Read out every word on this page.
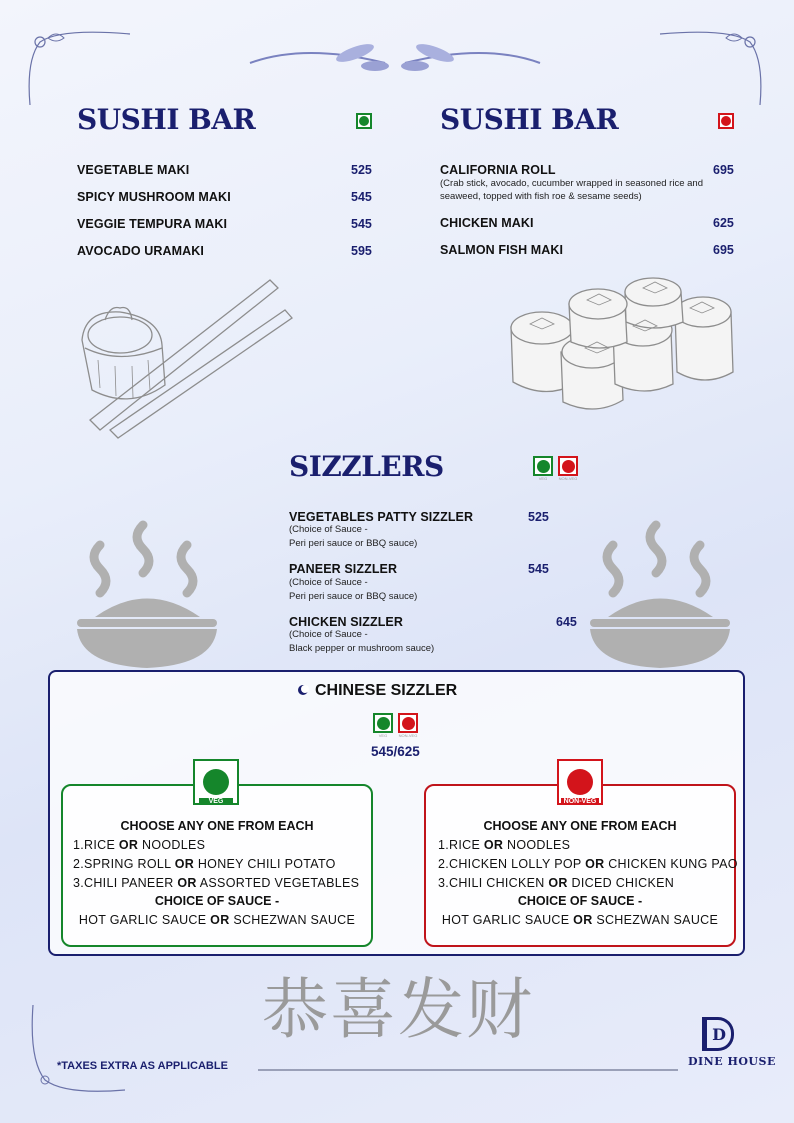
SUSHI BAR
VEGETABLE MAKI	525
SPICY MUSHROOM MAKI	545
VEGGIE TEMPURA MAKI	545
AVOCADO URAMAKI	595
SUSHI BAR
CALIFORNIA ROLL	695
(Crab stick, avocado, cucumber wrapped in seasoned rice and seaweed, topped with fish roe & sesame seeds)
CHICKEN MAKI	625
SALMON FISH MAKI	695
SIZZLERS	VEG	NON-VEG
VEGETABLES PATTY SIZZLER	525
(Choice of Sauce -
Peri peri sauce or BBQ sauce)
PANEER SIZZLER	545
(Choice of Sauce -
Peri peri sauce or BBQ sauce)
CHICKEN SIZZLER	645
(Choice of Sauce -
Black pepper or mushroom sauce)
CHINESE SIZZLER
VEG	NON-VEG
545/625
VEG
CHOOSE ANY ONE FROM EACH
1.RICE OR NOODLES
2.SPRING ROLL OR HONEY CHILI POTATO
3.CHILI PANEER OR ASSORTED VEGETABLES
CHOICE OF SAUCE -
HOT GARLIC SAUCE OR SCHEZWAN SAUCE
NON-VEG
CHOOSE ANY ONE FROM EACH
1.RICE OR NOODLES
2.CHICKEN LOLLY POP OR CHICKEN KUNG PAO
3.CHILI CHICKEN OR DICED CHICKEN
CHOICE OF SAUCE -
HOT GARLIC SAUCE OR SCHEZWAN SAUCE
恭喜发财
*TAXES EXTRA AS APPLICABLE
D
DINE HOUSE
